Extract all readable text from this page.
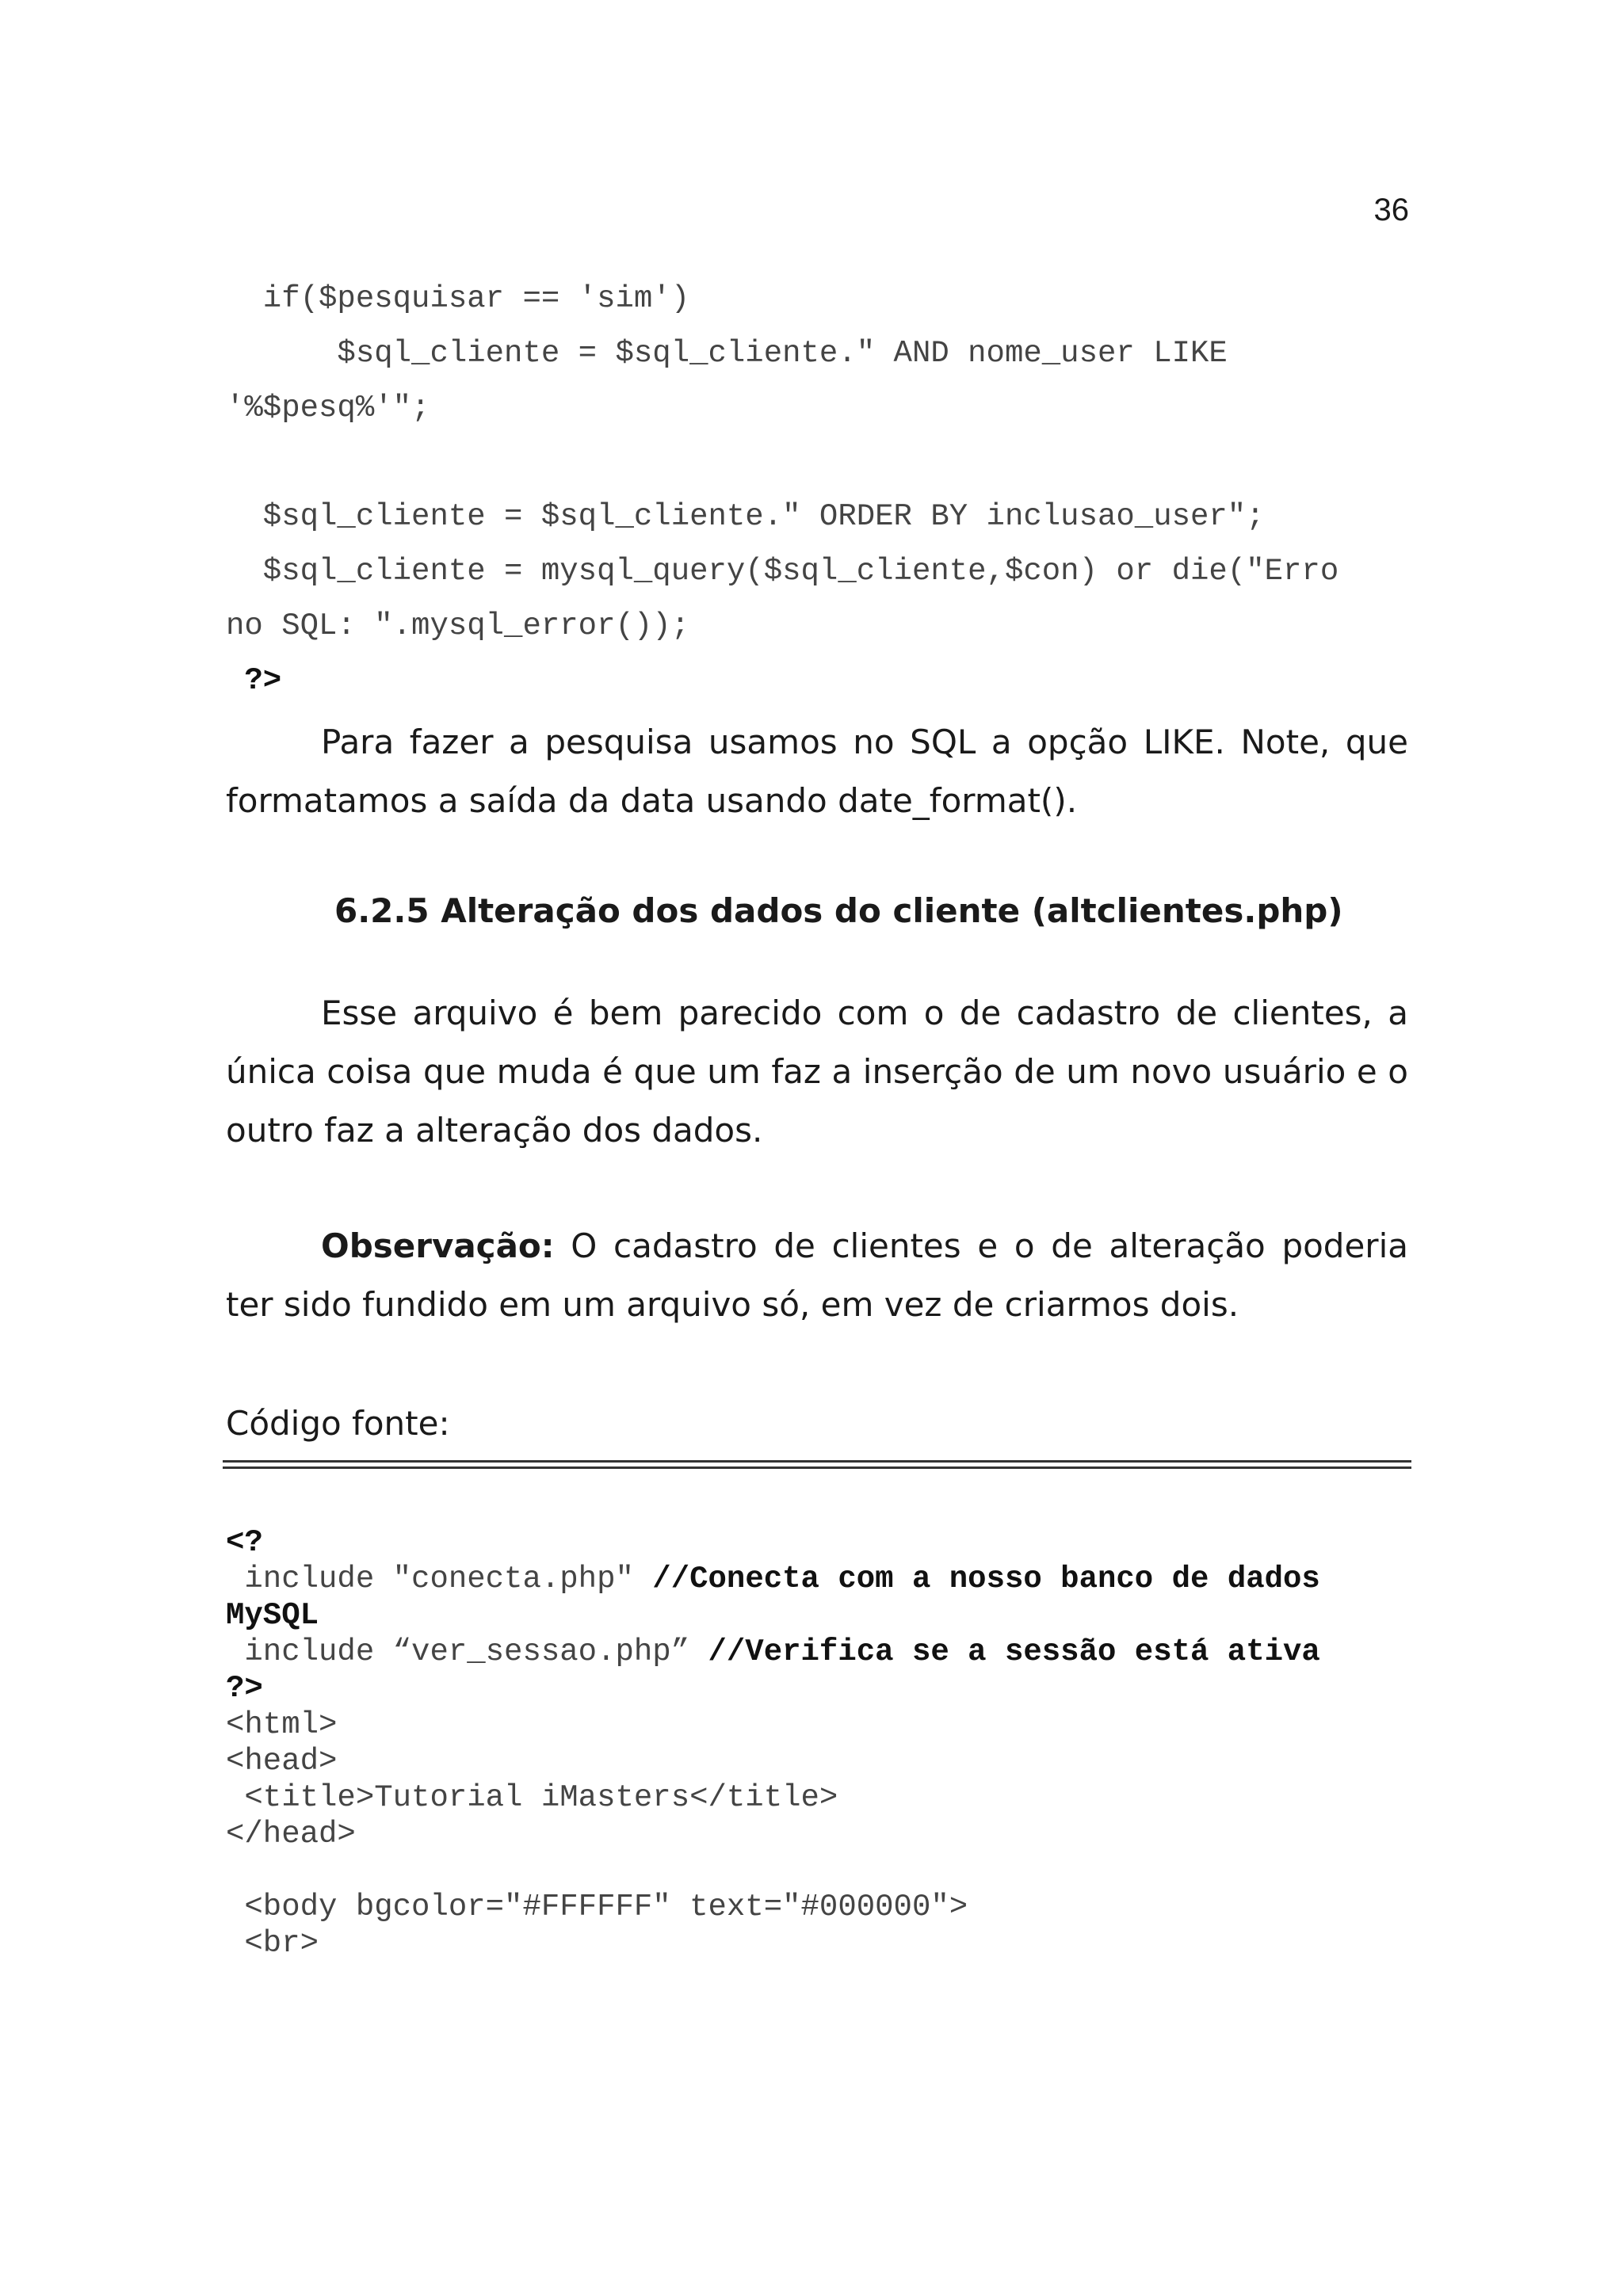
36
if($pesquisar == 'sim')
$sql_cliente = $sql_cliente." AND nome_user LIKE
'%$pesq%'";
$sql_cliente = $sql_cliente." ORDER BY inclusao_user";
$sql_cliente = mysql_query($sql_cliente,$con) or die("Erro
no SQL: ".mysql_error());
?>
Para fazer a pesquisa usamos no SQL a opção LIKE. Note, que formatamos a saída da data usando date_format().
6.2.5 Alteração dos dados do cliente (altclientes.php)
Esse arquivo é bem parecido com o de cadastro de clientes, a única coisa que muda é que um faz a inserção de um novo usuário e o outro faz a alteração dos dados.
Observação: O cadastro de clientes e o de alteração poderia ter sido fundido em um arquivo só, em vez de criarmos dois.
Código fonte:
<?
include "conecta.php" //Conecta com a nosso banco de dados
MySQL
include “ver_sessao.php” //Verifica se a sessão está ativa
?>
<html>
<head>
<title>Tutorial iMasters</title>
</head>
<body bgcolor="#FFFFFF" text="#000000">
<br>
